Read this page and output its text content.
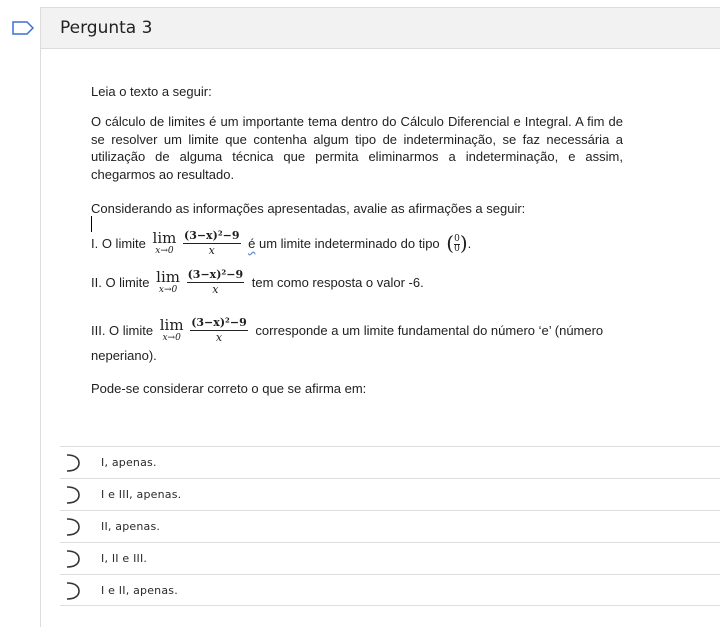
Pergunta 3
Leia o texto a seguir:
O cálculo de limites é um importante tema dentro do Cálculo Diferencial e Integral. A fim de se resolver um limite que contenha algum tipo de indeterminação, se faz necessária a utilização de alguma técnica que permita eliminarmos a indeterminação, e assim, chegarmos ao resultado.
Considerando as informações apresentadas, avalie as afirmações a seguir:
I. O limite lim
x→0
$\frac{\text{(3−x)²−9}}{x}$ é um limite indeterminado do tipo ( $\frac{0}{0}$ ).
II. O limite lim
x→0
$\frac{\text{(3−x)²−9}}{x}$ tem como resposta o valor -6.
III. O limite lim
x→0
$\frac{\text{(3−x)²−9}}{x}$ corresponde a um limite fundamental do número ‘e’ (número
neperiano).
Pode-se considerar correto o que se afirma em:
I, apenas.
I e III, apenas.
II, apenas.
I, II e III.
I e II, apenas.
